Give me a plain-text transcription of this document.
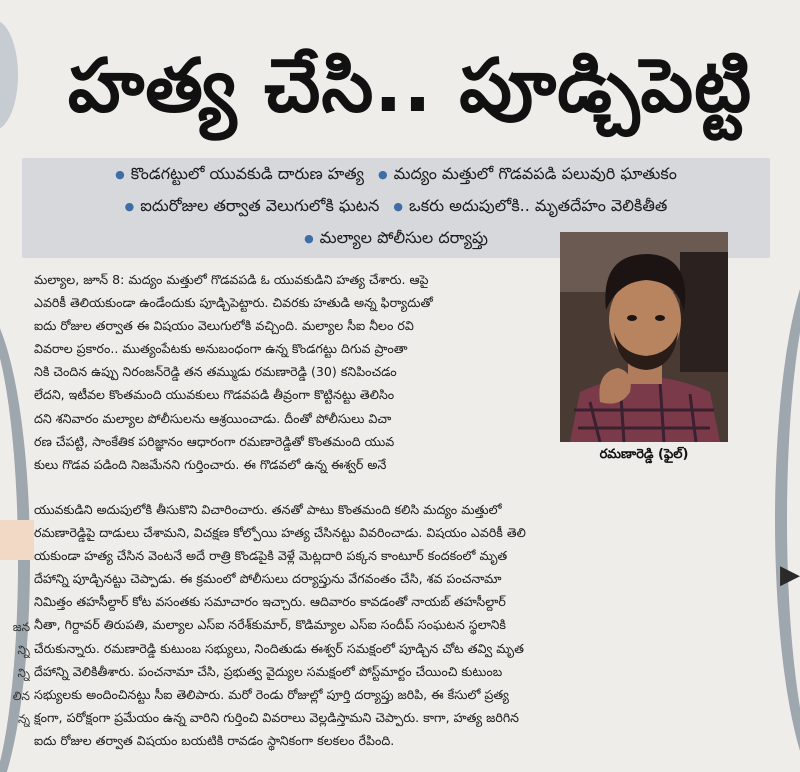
జన
న్ని
న్ని
లిన
న్న
▶
హత్య చేసి.. పూడ్చిపెట్టి
● కొండగట్టులో యువకుడి దారుణ హత్య ● మద్యం మత్తులో గొడవపడి పలువురి ఘాతుకం
● ఐదురోజుల తర్వాత వెలుగులోకి ఘటన ● ఒకరు అదుపులోకి.. మృతదేహం వెలికితీత
● మల్యాల పోలీసుల దర్యాప్తు
రమణారెడ్డి (ఫైల్)
మల్యాల, జూన్ 8: మద్యం మత్తులో గొడవపడి ఓ యువకుడిని హత్య చేశారు. ఆపై
ఎవరికీ తెలియకుండా ఉండేందుకు పూడ్చిపెట్టారు. చివరకు హతుడి అన్న ఫిర్యాదుతో
ఐదు రోజుల తర్వాత ఈ విషయం వెలుగులోకి వచ్చింది. మల్యాల సీఐ నీలం రవి
వివరాల ప్రకారం.. ముత్యంపేటకు అనుబంధంగా ఉన్న కొండగట్టు దిగువ ప్రాంతా
నికి చెందిన ఉప్పు నిరంజన్‌రెడ్డి తన తమ్ముడు రమణారెడ్డి (30) కనిపించడం
లేదని, ఇటీవల కొంతమంది యువకులు గొడవపడి తీవ్రంగా కొట్టినట్టు తెలిసిం
దని శనివారం మల్యాల పోలీసులను ఆశ్రయించాడు. దీంతో పోలీసులు విచా
రణ చేపట్టి, సాంకేతిక పరిజ్ఞానం ఆధారంగా రమణారెడ్డితో కొంతమంది యువ
కులు గొడవ పడింది నిజమేనని గుర్తించారు. ఈ గొడవలో ఉన్న ఈశ్వర్ అనే
యువకుడిని అదుపులోకి తీసుకొని విచారించారు. తనతో పాటు కొంతమంది కలిసి మద్యం మత్తులో
రమణారెడ్డిపై దాడులు చేశామని, విచక్షణ కోల్పోయి హత్య చేసినట్టు వివరించాడు. విషయం ఎవరికీ తెలి
యకుండా హత్య చేసిన వెంటనే అదే రాత్రి కొండపైకి వెళ్లే మెట్లదారి పక్కన కాంటూర్ కందకంలో మృత
దేహాన్ని పూడ్చినట్టు చెప్పాడు. ఈ క్రమంలో పోలీసులు దర్యాప్తును వేగవంతం చేసి, శవ పంచనామా
నిమిత్తం తహసీల్దార్ కోట వసంతకు సమాచారం ఇచ్చారు. ఆదివారం కావడంతో నాయబ్ తహసీల్దార్
నీతా, గిర్దావర్ తిరుపతి, మల్యాల ఎస్ఐ నరేశ్‌కుమార్, కొడిమ్యాల ఎస్ఐ సందీప్ సంఘటన స్థలానికి
చేరుకున్నారు. రమణారెడ్డి కుటుంబ సభ్యులు, నిందితుడు ఈశ్వర్ సమక్షంలో పూడ్చిన చోట తవ్వి మృత
దేహాన్ని వెలికితీశారు. పంచనామా చేసి, ప్రభుత్వ వైద్యుల సమక్షంలో పోస్ట్‌మార్టం చేయించి కుటుంబ
సభ్యులకు అందించినట్టు సీఐ తెలిపారు. మరో రెండు రోజుల్లో పూర్తి దర్యాప్తు జరిపి, ఈ కేసులో ప్రత్య
క్షంగా, పరోక్షంగా ప్రమేయం ఉన్న వారిని గుర్తించి వివరాలు వెల్లడిస్తామని చెప్పారు. కాగా, హత్య జరిగిన
ఐదు రోజుల తర్వాత విషయం బయటికి రావడం స్థానికంగా కలకలం రేపింది.
